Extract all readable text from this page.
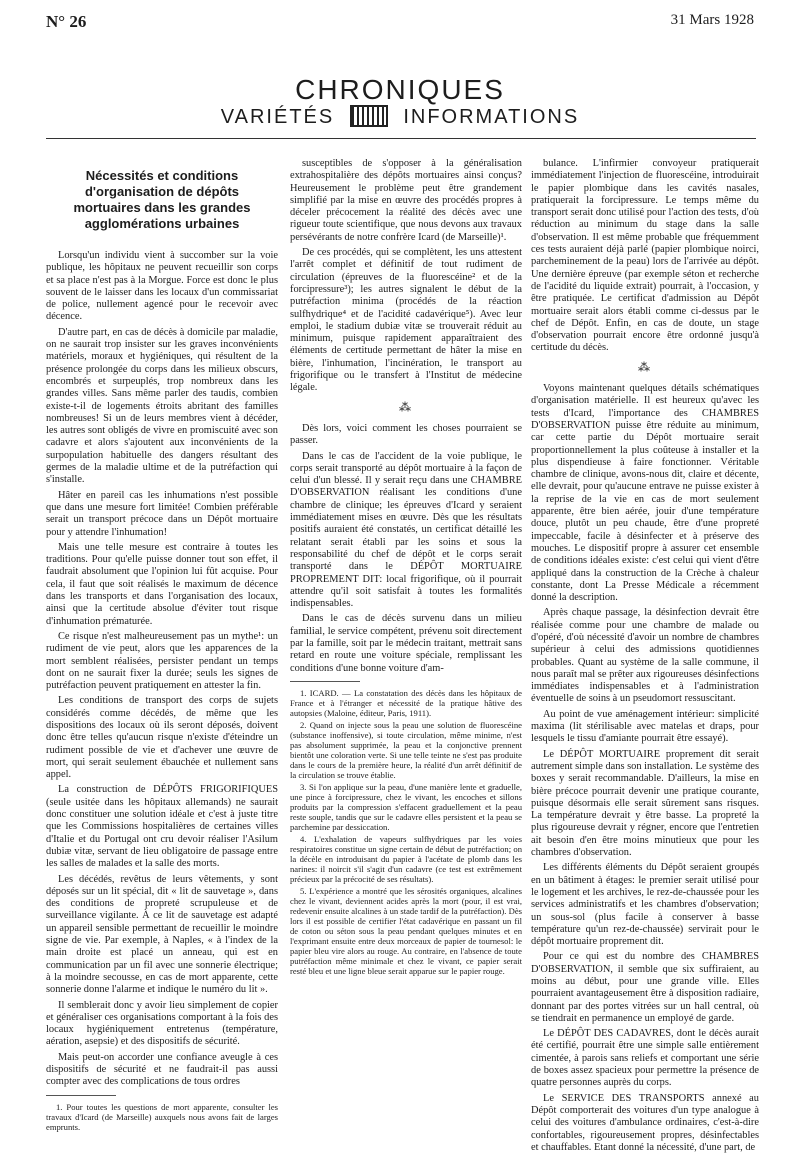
N° 26	31 Mars 1928
CHRONIQUES
VARIÉTÉS	INFORMATIONS
Nécessités et conditions d'organisation de dépôts mortuaires dans les grandes agglomérations urbaines

Lorsqu'un individu vient à succomber sur la voie publique, les hôpitaux ne peuvent recueillir son corps et sa place n'est pas à la Morgue. Force est donc le plus souvent de le laisser dans les locaux d'un commissariat de police, nullement agencé pour le recevoir avec décence.

D'autre part, en cas de décès à domicile par maladie, on ne saurait trop insister sur les graves inconvénients matériels, moraux et hygiéniques, qui résultent de la présence prolongée du corps dans les milieux obscurs, encombrés et surpeuplés, trop nombreux dans les grandes villes. Sans même parler des taudis, combien existe-t-il de logements étroits abritant des familles nombreuses! Si un de leurs membres vient à décéder, les autres sont obligés de vivre en promiscuité avec son cadavre et alors s'ajoutent aux inconvénients de la surpopulation habituelle des dangers résultant des germes de la maladie ultime et de la putréfaction qui s'installe.

Hâter en pareil cas les inhumations n'est possible que dans une mesure fort limitée! Combien préférable serait un transport précoce dans un Dépôt mortuaire pour y attendre l'inhumation!

Mais une telle mesure est contraire à toutes les traditions. Pour qu'elle puisse donner tout son effet, il faudrait absolument que l'opinion lui fût acquise. Pour cela, il faut que soit réalisés le maximum de décence dans les transports et dans l'organisation des locaux, ainsi que la certitude absolue d'éviter tout risque d'inhumation prématurée.

Ce risque n'est malheureusement pas un mythe¹: un rudiment de vie peut, alors que les apparences de la mort semblent réalisées, persister pendant un temps dont on ne saurait fixer la durée; seuls les signes de putréfaction peuvent pratiquement en attester la fin.

Les conditions de transport des corps de sujets considérés comme décédés, de même que les dispositions des locaux où ils seront déposés, doivent donc être telles qu'aucun risque n'existe d'éteindre un rudiment possible de vie et d'achever une œuvre de mort, qui serait seulement ébauchée et nullement sans appel.

La construction de DÉPÔTS FRIGORIFIQUES (seule usitée dans les hôpitaux allemands) ne saurait donc constituer une solution idéale et c'est à juste titre que les Commissions hospitalières de certaines villes d'Italie et du Portugal ont cru devoir réaliser l'Asilum dubiæ vitæ, servant de lieu obligatoire de passage entre les salles de malades et la salle des morts.

Les décédés, revêtus de leurs vêtements, y sont déposés sur un lit spécial, dit « lit de sauvetage », dans des conditions de propreté scrupuleuse et de surveillance vigilante. À ce lit de sauvetage est adapté un appareil sensible permettant de recueillir le moindre signe de vie. Par exemple, à Naples, « à l'index de la main droite est placé un anneau, qui est en communication par un fil avec une sonnerie électrique; à la moindre secousse, en cas de mort apparente, cette sonnerie donne l'alarme et indique le numéro du lit ».

Il semblerait donc y avoir lieu simplement de copier et généraliser ces organisations comportant à la fois des locaux hygiéniquement entretenus (température, aération, asepsie) et des dispositifs de sécurité.

Mais peut-on accorder une confiance aveugle à ces dispositifs de sécurité et ne faudrait-il pas aussi compter avec des complications de tous ordres

1. Pour toutes les questions de mort apparente, consulter les travaux d'Icard (de Marseille) auxquels nous avons fait de larges emprunts.

susceptibles de s'opposer à la généralisation extrahospitalière des dépôts mortuaires ainsi conçus? Heureusement le problème peut être grandement simplifié par la mise en œuvre des procédés propres à déceler précocement la réalité des décès avec une rigueur toute scientifique, que nous devons aux travaux persévérants de notre confrère Icard (de Marseille)¹.

De ces procédés, qui se complètent, les uns attestent l'arrêt complet et définitif de tout rudiment de circulation (épreuves de la fluorescéine² et de la forcipressure³); les autres signalent le début de la putréfaction minima (procédés de la réaction sulfhydrique⁴ et de l'acidité cadavérique⁵). Avec leur emploi, le stadium dubiæ vitæ se trouverait réduit au minimum, puisque rapidement apparaîtraient des éléments de certitude permettant de hâter la mise en bière, l'inhumation, l'incinération, le transport au frigorifique ou le transfert à l'Institut de médecine légale.

⁂

Dès lors, voici comment les choses pourraient se passer.

Dans le cas de l'accident de la voie publique, le corps serait transporté au dépôt mortuaire à la façon de celui d'un blessé. Il y serait reçu dans une CHAMBRE D'OBSERVATION réalisant les conditions d'une chambre de clinique; les épreuves d'Icard y seraient immédiatement mises en œuvre. Dès que les résultats positifs auraient été constatés, un certificat détaillé les relatant serait établi par les soins et sous la responsabilité du chef de dépôt et le corps serait transporté dans le DÉPÔT MORTUAIRE PROPREMENT DIT: local frigorifique, où il pourrait attendre qu'il soit satisfait à toutes les formalités indispensables.

Dans le cas de décès survenu dans un milieu familial, le service compétent, prévenu soit directement par la famille, soit par le médecin traitant, mettrait sans retard en route une voiture spéciale, remplissant les conditions d'une bonne voiture d'am-

1. ICARD. — La constatation des décès dans les hôpitaux de France et à l'étranger et nécessité de la pratique hâtive des autopsies (Maloine, éditeur, Paris, 1911).

2. Quand on injecte sous la peau une solution de fluorescéine (substance inoffensive), si toute circulation, même minime, n'est pas absolument supprimée, la peau et la conjonctive prennent bientôt une coloration verte. Si une telle teinte ne s'est pas produite dans le cours de la première heure, la réalité d'un arrêt définitif de la circulation se trouve établie.

3. Si l'on applique sur la peau, d'une manière lente et graduelle, une pince à forcipressure, chez le vivant, les encoches et sillons produits par la compression s'effacent graduellement et la peau reste souple, tandis que sur le cadavre elles persistent et la peau se parcheminе par dessiccation.

4. L'exhalation de vapeurs sulfhydriques par les voies respiratoires constitue un signe certain de début de putréfaction; on la décèle en introduisant du papier à l'acétate de plomb dans les narines: il noircit s'il s'agit d'un cadavre (ce test est extrêmement précieux par la précocité de ses résultats).

5. L'expérience a montré que les sérosités organiques, alcalines chez le vivant, deviennent acides après la mort (pour, il est vrai, redevenir ensuite alcalines à un stade tardif de la putréfaction). Dès lors il est possible de certifier l'état cadavérique en passant un fil de coton ou séton sous la peau pendant quelques minutes et en l'exprimant ensuite entre deux morceaux de papier de tournesol: le papier bleu vire alors au rouge. Au contraire, en l'absence de toute putréfaction même minimale et chez le vivant, ce papier serait resté bleu et une ligne bleue serait apparue sur le papier rouge.

bulance. L'infirmier convoyeur pratiquerait immédiatement l'injection de fluorescéine, introduirait le papier plombique dans les cavités nasales, pratiquerait la forcipressure. Le temps même du transport serait donc utilisé pour l'action des tests, d'où réduction au minimum du stage dans la salle d'observation. Il est même probable que fréquemment ces tests auraient déjà parlé (papier plombique noirci, parcheminement de la peau) lors de l'arrivée au dépôt. Une dernière épreuve (par exemple séton et recherche de l'acidité du liquide extrait) pourrait, à l'occasion, y être pratiquée. Le certificat d'admission au Dépôt mortuaire serait alors établi comme ci-dessus par le chef de Dépôt. Enfin, en cas de doute, un stage d'observation pourrait encore être ordonné jusqu'à certitude du décès.

⁂

Voyons maintenant quelques détails schématiques d'organisation matérielle. Il est heureux qu'avec les tests d'Icard, l'importance des CHAMBRES D'OBSERVATION puisse être réduite au minimum, car cette partie du Dépôt mortuaire serait proportionnellement la plus coûteuse à installer et la plus dispendieuse à faire fonctionner. Véritable chambre de clinique, avons-nous dit, claire et décente, elle devrait, pour qu'aucune entrave ne puisse exister à la reprise de la vie en cas de mort seulement apparente, être bien aérée, jouir d'une température douce, plutôt un peu chaude, être d'une propreté impeccable, facile à désinfecter et à préserve des mouches. Le dispositif propre à assurer cet ensemble de conditions idéales existe: c'est celui qui vient d'être appliqué dans la construction de la Crèche à chaleur constante, dont La Presse Médicale a récemment donné la description.

Après chaque passage, la désinfection devrait être réalisée comme pour une chambre de malade ou d'opéré, d'où nécessité d'avoir un nombre de chambres supérieur à celui des admissions quotidiennes probables. Quant au système de la salle commune, il nous paraît mal se prêter aux rigoureuses désinfections immédiates indispensables et à l'administration éventuelle de soins à un pseudomort ressuscitant.

Au point de vue aménagement intérieur: simplicité maxima (lit stérilisable avec matelas et draps, pour lesquels le tissu d'amiante pourrait être essayé).

Le DÉPÔT MORTUAIRE proprement dit serait autrement simple dans son installation. Le système des boxes y serait recommandable. D'ailleurs, la mise en bière précoce pourrait devenir une pratique courante, puisque désormais elle serait sûrement sans risques. La température devrait y être basse. La propreté la plus rigoureuse devrait y régner, encore que l'entretien ait besoin d'en être moins minutieux que pour les chambres d'observation.

Les différents éléments du Dépôt seraient groupés en un bâtiment à étages: le premier serait utilisé pour le logement et les archives, le rez-de-chaussée pour les services administratifs et les chambres d'observation; un sous-sol (plus facile à conserver à basse température qu'un rez-de-chaussée) servirait pour le dépôt mortuaire proprement dit.

Pour ce qui est du nombre des CHAMBRES D'OBSERVATION, il semble que six suffiraient, au moins au début, pour une grande ville. Elles pourraient avantageusement être à disposition radiaire, donnant par des portes vitrées sur un hall central, où se tiendrait en permanence un employé de garde.

Le DÉPÔT DES CADAVRES, dont le décès aurait été certifié, pourrait être une simple salle entièrement cimentée, à parois sans reliefs et comportant une série de boxes assez spacieux pour permettre la présence de quatre personnes auprès du corps.

Le SERVICE DES TRANSPORTS annexé au Dépôt comporterait des voitures d'un type analogue à celui des voitures d'ambulance ordinaires, c'est-à-dire confortables, rigoureusement propres, désinfectables et chauffables. Etant donné la nécessité, d'une part, de
